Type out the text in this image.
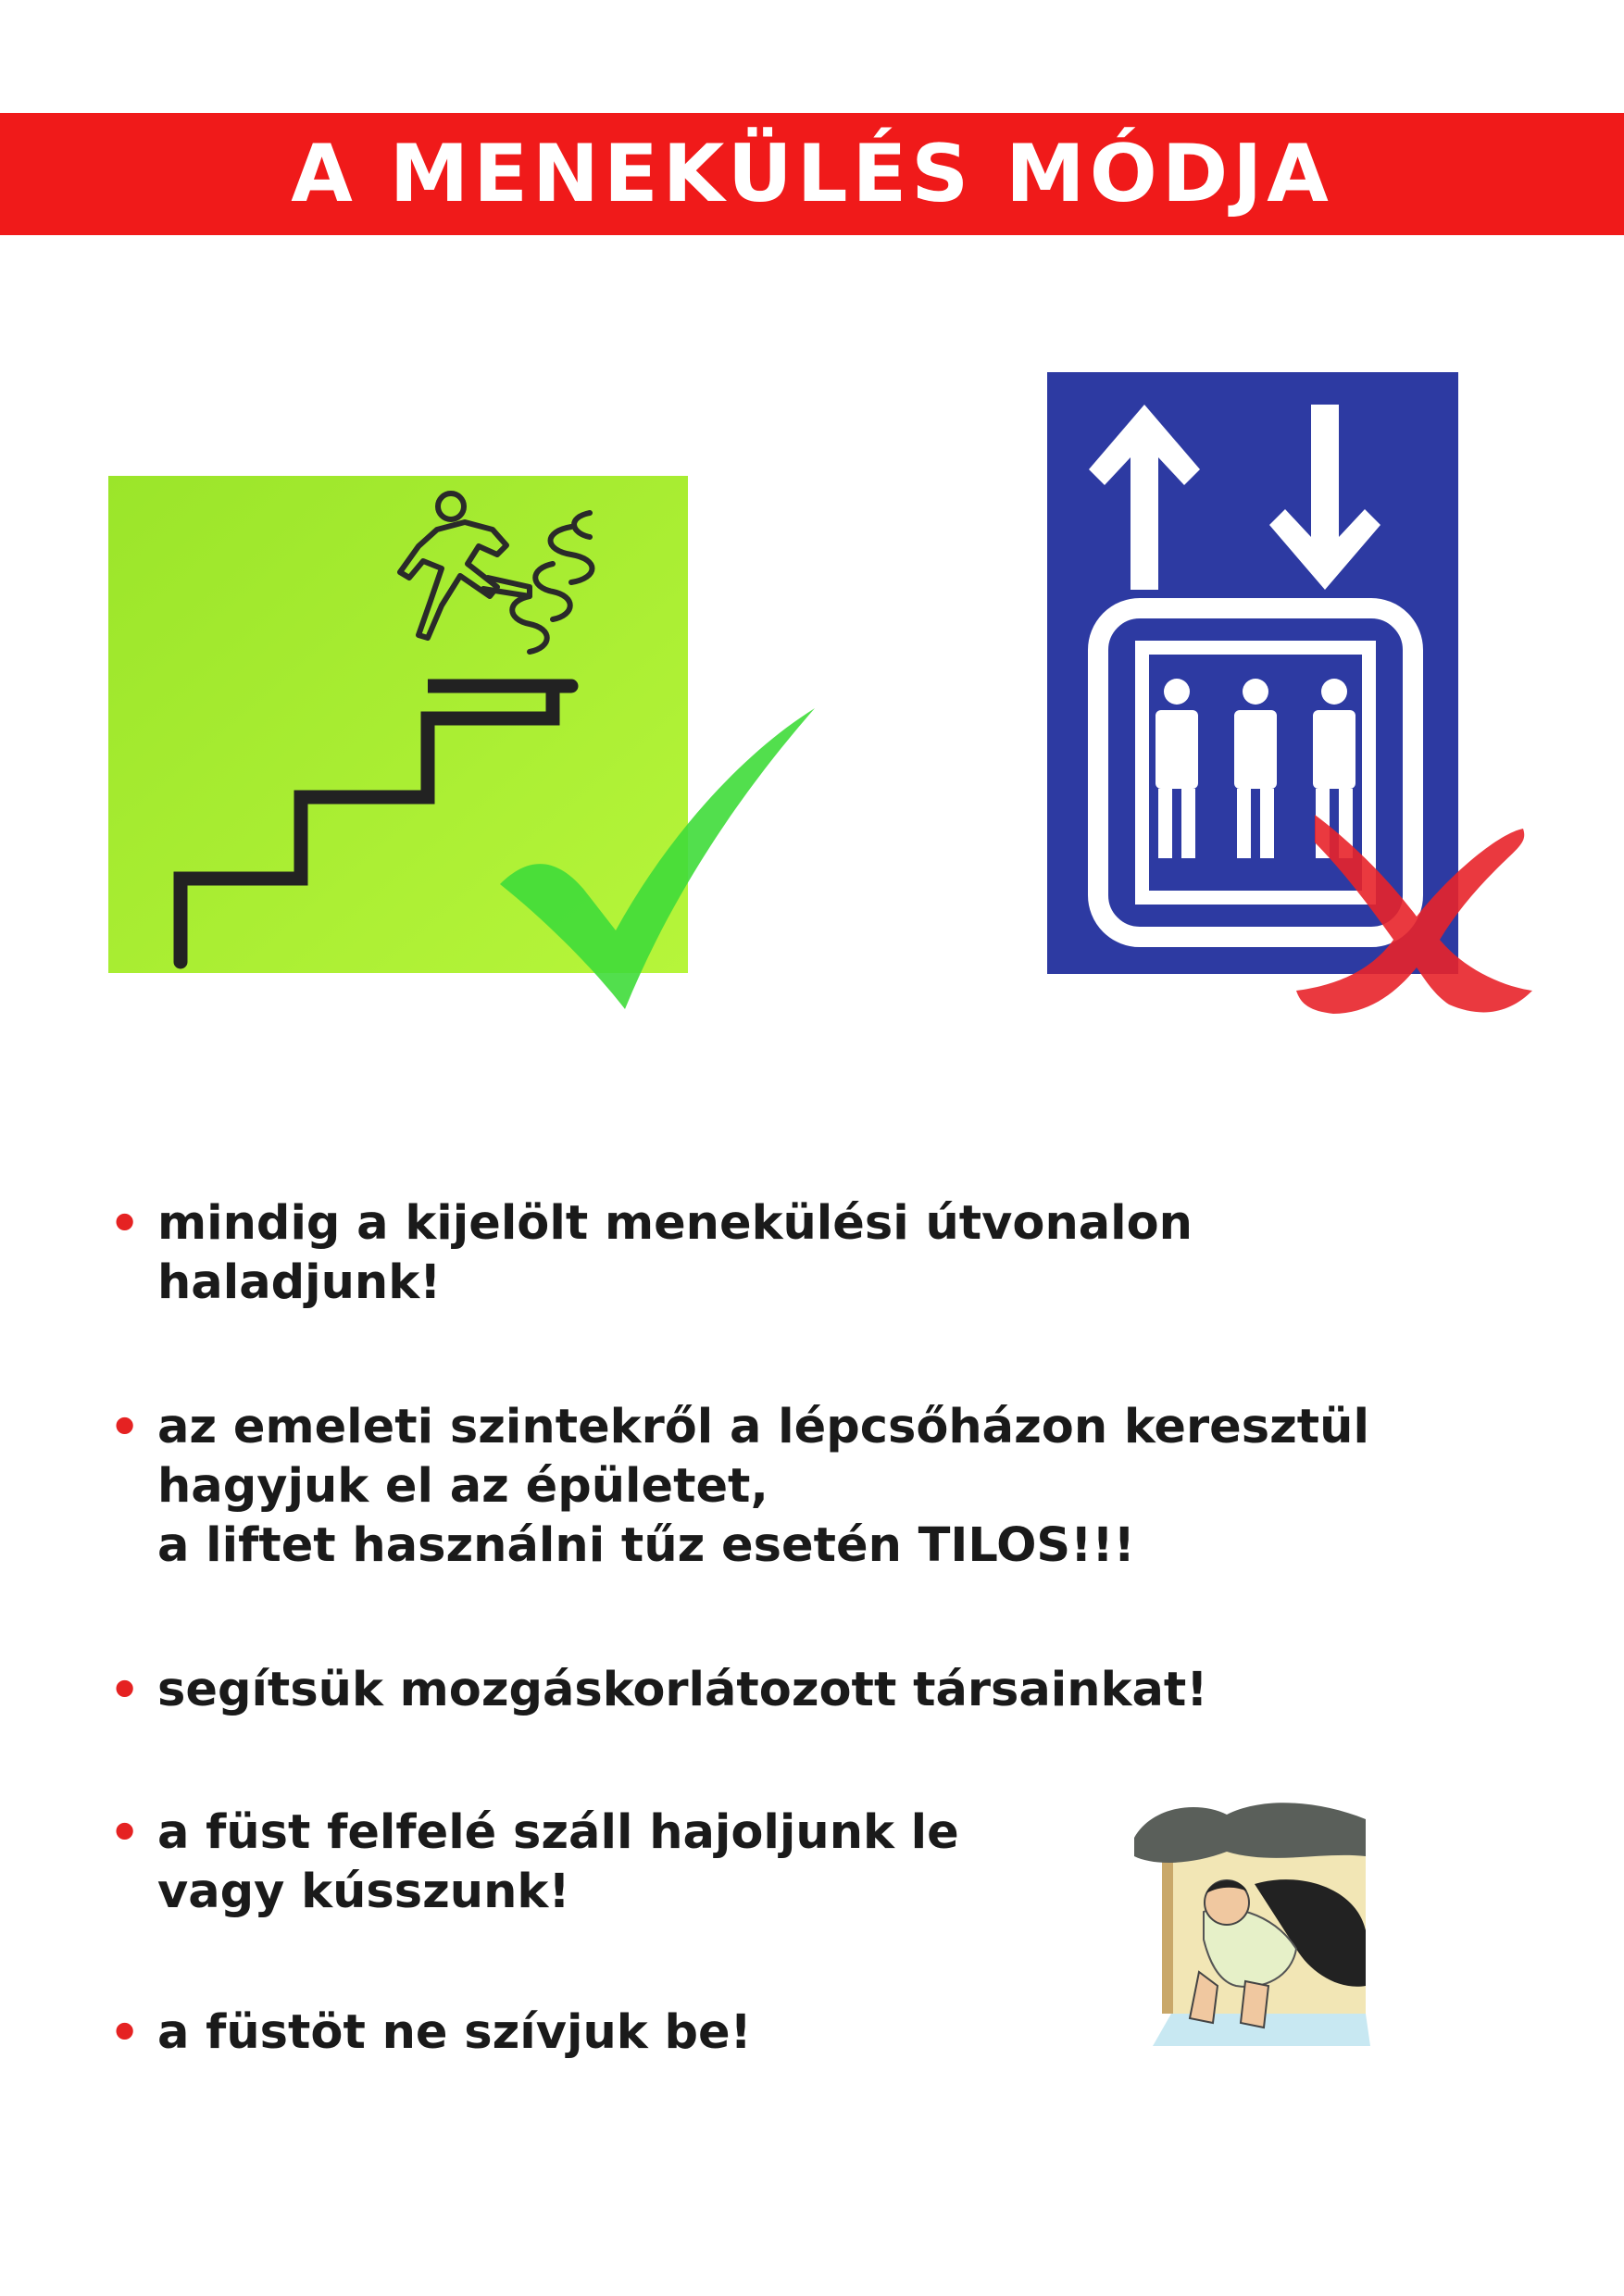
A MENEKÜLÉS MÓDJA
• mindig a kijelölt menekülési útvonalon
haladjunk!
• az emeleti szintekről a lépcsőházon keresztül
hagyjuk el az épületet,
a liftet használni tűz esetén TILOS!!!
• segítsük mozgáskorlátozott társainkat!
• a füst felfelé száll hajoljunk le
vagy kússzunk!
• a füstöt ne szívjuk be!
